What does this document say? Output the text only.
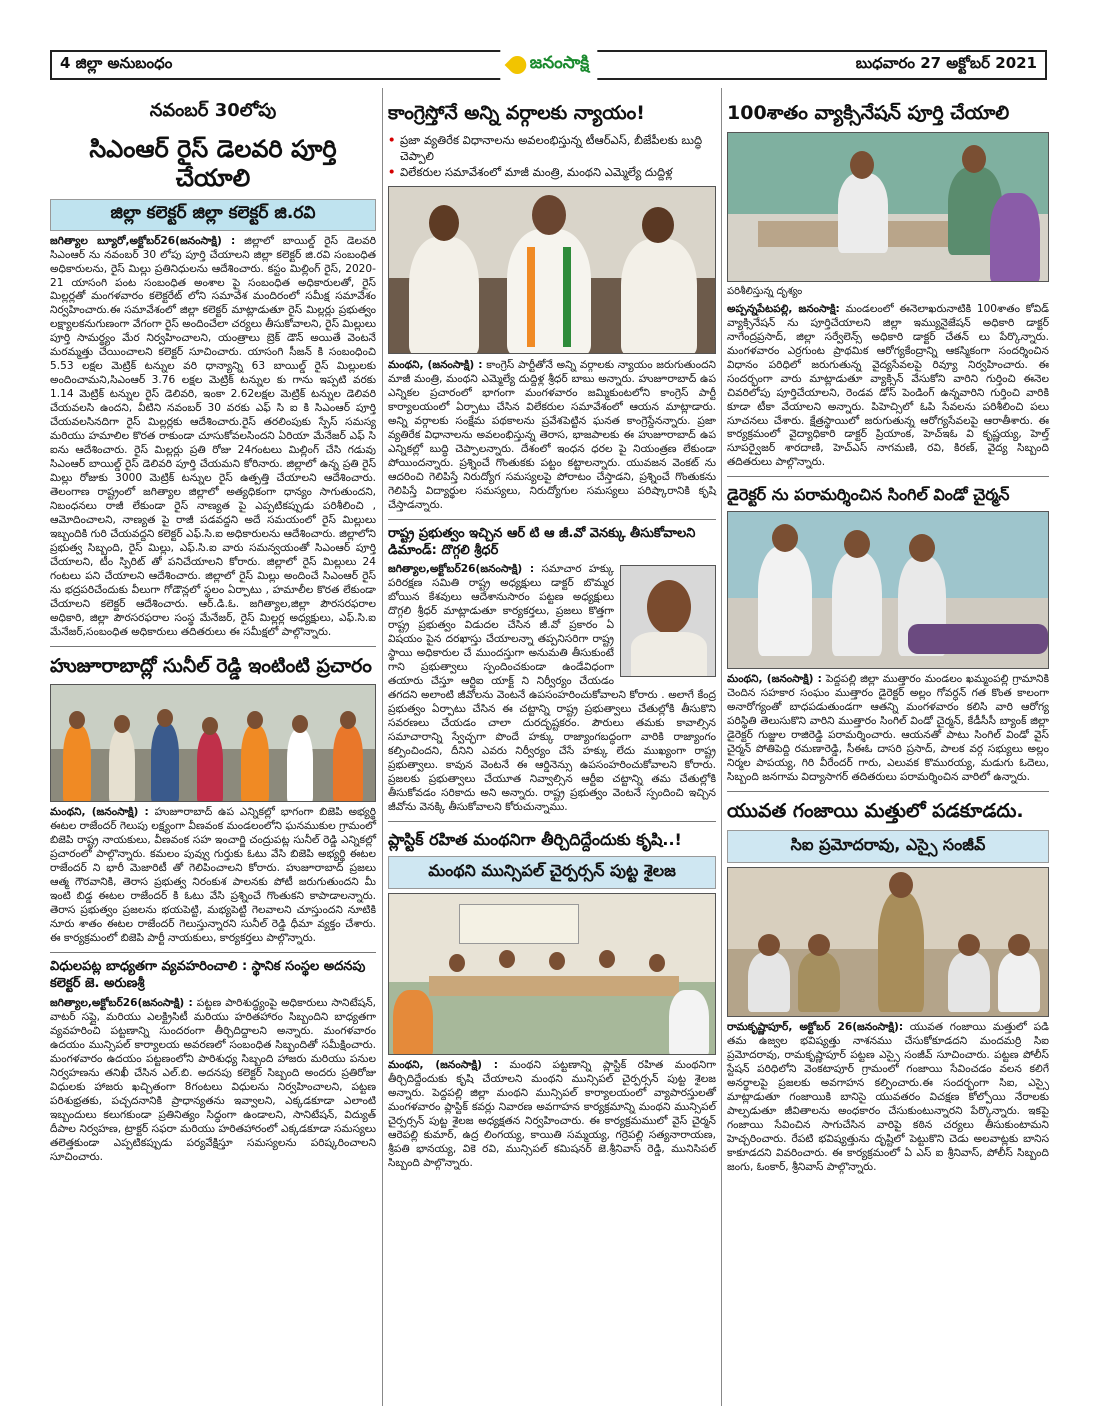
4 జిల్లా అనుబంధం	జనంసాక్షి	బుధవారం 27 అక్టోబర్ 2021
నవంబర్ 30లోపు
సిఎంఆర్ రైస్ డెలవరి పూర్తి చేయాలి
జిల్లా కలెక్టర్ జిల్లా కలెక్టర్ జి.రవి
జగిత్యాల బ్యూరో,అక్టోబర్26(జనంసాక్షి) : జిల్లాలో బాయిల్డ్ రైస్ డెలవరి సిఎంఆర్ ను నవంబర్ 30 లోపు పూర్తి చేయాలని జిల్లా కలెక్టర్ జి.రవి సంబంధిత అధికారులను, రైస్ మిల్లు ప్రతినిధులను ఆదేశించారు. కస్టం మిల్లింగ్ రైస్, 2020-21 యాసంగి పంట సంబంధిత అంశాల పై సంబంధిత అధికారులతో, రైస్ మిల్లర్లతో మంగళవారం కలెక్టరేట్ లోని సమావేశ మందిరంలో సమీక్ష సమావేశం నిర్వహించారు.ఈ సమావేశంలో జిల్లా కలెక్టర్ మాట్లాడుతూ రైస్ మిల్లర్లు ప్రభుత్వం లక్ష్యాలకనుగుణంగా వేగంగా రైస్ అందించేలా చర్యలు తీసుకోవాలని, రైస్ మిల్లులు పూర్తి సామర్థ్యం మేర నిర్వహించాలని, యంత్రాలు బ్రెక్ డౌన్ అయితే వెంటనే మరమ్మత్తు చేయించాలని కలెక్టర్ సూచించారు. యాసంగి సీజన్ కి సంబంధించి 5.53 లక్షల మెట్రిక్ టన్నుల వరి ధాన్యాన్ని 63 బాయిల్డ్ రైస్ మిల్లులకు అందించామని,సిఎంఆర్ 3.76 లక్షల మెట్రిక్ టన్నుల కు గాను ఇప్పటి వరకు 1.14 మెట్రిక్ టన్నుల రైస్ డెలివరి, ఇంకా 2.62లక్షల మెట్రిక్ టన్నుల డెలివరి చేయవలసి ఉందని, వీటిని నవంబర్ 30 వరకు ఎఫ్ సి ఐ కి సిఎంఆర్ పూర్తి చేయవలసినదిగా రైస్ మిల్లర్లకు ఆదేశించారు.రైస్ తరలింపుకు స్పేస్ సమస్య మరియు హమాలిల కొరత రాకుండా చూసుకోవలసిందని ఏరియా మేనేజర్ ఎఫ్ సి ఐను ఆదేశించారు. రైస్ మిల్లర్లు ప్రతి రోజు 24గంటలు మిల్లింగ్ చేసి గడువు సిఎంఆర్ బాయిల్డ్ రైస్ డెలివరి పూర్తి చేయమని కోరినారు. జిల్లాలో ఉన్న ప్రతి రైస్ మిల్లు రోజుకు 3000 మెట్రిక్ టన్నుల రైస్ ఉత్పత్తి చేయాలని ఆదేశించారు. తెలంగాణ రాష్ట్రంలో జగిత్యాల జిల్లాలో అత్యధికంగా ధాన్యం సాగుతుందని, నిబంధనలు రాజీ లేకుండా రైస్ నాణ్యత పై ఎప్పటికప్పుడు పరిశీలించి , ఆమోదించాలని, నాణ్యత పై రాజీ పడవద్దని అదే సమయంలో రైస్ మిల్లులు ఇబ్బందికి గురి చేయవద్దని కలెక్టర్ ఎఫ్.సి.ఐ అధికారులను ఆదేశించారు. జిల్లాలోని ప్రభుత్వ సిబ్బంది, రైస్ మిల్లు, ఎఫ్.సి.ఐ వారు సమన్వయంతో సిఎంఆర్ పూర్తి చేయాలని, టీం స్పిరిట్ తో పనిచేయాలని కోరారు. జిల్లాలో రైస్ మిల్లులు 24 గంటలు పని చేయాలని ఆదేశించారు. జిల్లాలో రైస్ మిల్లు అందించే సిఎంఆర్ రైస్ ను భద్రపరిచేందుకు వీలుగా గోడౌన్లలో స్థలం ఏర్పాటు , హమాలీల కొరత లేకుండా చేయాలని కలెక్టర్ ఆదేశించారు. ఆర్.డి.ఓ. జగిత్యాల,జిల్లా పౌరసరఫరాల అధికారి, జిల్లా పౌరసరఫరాల సంస్థ మేనేజర్, రైస్ మిల్లర్ల అధ్యక్షులు, ఎఫ్.సి.ఐ మేనేజర్,సంబంధిత అధికారులు తదితరులు ఈ సమీక్షలో పాల్గొన్నారు.
హుజూరాబాద్లో సునీల్ రెడ్డి ఇంటింటి ప్రచారం
మంథని, (జనంసాక్షి) : హుజూరాబాద్ ఉప ఎన్నికల్లో భాగంగా బిజెపి అభ్యర్థి ఈటల రాజేందర్ గెలుపు లక్ష్యంగా వీణవంక మండలంలోని ఘనముకుల గ్రామంలో బిజెపి రాష్ట్ర నాయకులు, వీణవంక సహ ఇంచార్జి చంద్రుపట్ల సునీల్ రెడ్డి ఎన్నికల్లో ప్రచారంలో పాల్గొన్నారు. కమలం పువ్వు గుర్తుకు ఓటు వేసి బిజెపి అభ్యర్థి ఈటల రాజేందర్ ని భారీ మెజారిటీ తో గెలిపించాలని కోరారు. హుజూరాబాద్ ప్రజలు ఆత్మ గౌరవానికి, తెరాస ప్రభుత్వ నిరంకుశ పాలనకు పోటీ జరుగుతుందని మీ ఇంటి బిడ్డ ఈటల రాజేందర్ కి ఓటు వేసి ప్రశ్నించే గొంతుకని కాపాడాలన్నారు. తెరాస ప్రభుత్వం ప్రజలను భయపెట్టి, మభ్యపెట్టి గెలవాలని చూస్తుందని నూటికి నూరు శాతం ఈటల రాజేందర్ గెలుస్తున్నారని సునీల్ రెడ్డి ధీమా వ్యక్తం చేశారు. ఈ కార్యక్రమంలో బిజెపి పార్టీ నాయకులు, కార్యకర్తలు పాల్గొన్నారు.
విధులపట్ల బాధ్యతగా వ్యవహరించాలి : స్థానిక సంస్థల అదనపు కలెక్టర్ జె. అరుణశ్రీ
జగిత్యాల,అక్టోబర్26(జనంసాక్షి) : పట్టణ పారిశుద్ధ్యంపై అధికారులు సానిటేషన్, వాటర్ సప్లై, మరియు ఎలక్ట్రిసిటీ మరియు హరితహారం సిబ్బందిని బాధ్యతగా వ్యవహరించి పట్టణాన్ని సుందరంగా తీర్చిదిద్దాలని అన్నారు. మంగళవారం ఉదయం మున్సిపల్ కార్యాలయ అవరణలో సంబంధిత సిబ్బందితో సమీక్షించారు. మంగళవారం ఉదయం పట్టణంలోని పారిశుధ్య సిబ్బంది హాజరు మరియు పనుల నిర్వహణను తనిఖీ చేసిన ఎల్.బి. అదనపు కలెక్టర్ సిబ్బంది అందరు ప్రతిరోజు విధులకు హాజరు ఖచ్చితంగా 8గంటలు విధులను నిర్వహించాలని, పట్టణ పరిశుభ్రతకు, పచ్చదనానికి ప్రాధాన్యతను ఇవ్వాలని, ఎక్కడకూడా ఎలాంటి ఇబ్బందులు కలుగకుండా ప్రతినిత్యం సిద్ధంగా ఉండాలని, సానిటేషన్, విద్యుత్ దీపాల నిర్వహణ, ట్రాక్టర్ సఫరా మరియు హరితహారంలో ఎక్కడకూడా సమస్యలు తలెత్తకుండా ఎప్పటికప్పుడు పర్యవేక్షిస్తూ సమస్యలను పరిష్కరించాలని సూచించారు.
కాంగ్రెస్తోనే అన్ని వర్గాలకు న్యాయం!
• ప్రజా వ్యతిరేక విధానాలను అవలంభిస్తున్న టీఆర్ఎస్, బీజేపీలకు బుద్ధి చెప్పాలి
• విలేకరుల సమావేశంలో మాజీ మంత్రి, మంథని ఎమ్మెల్యే దుద్దిళ్ల
మంథని, (జనంసాక్షి) : కాంగ్రెస్ పార్టీతోనే అన్ని వర్గాలకు న్యాయం జరుగుతుందని మాజీ మంత్రి, మంథని ఎమ్మెల్యే దుద్దిళ్ల శ్రీధర్ బాబు అన్నారు. హుజూరాబాద్ ఉప ఎన్నికల ప్రచారంలో భాగంగా మంగళవారం జమ్మికుంటలోని కాంగ్రెస్ పార్టీ కార్యాలయంలో ఏర్పాటు చేసిన విలేకరుల సమావేశంలో ఆయన మాట్లాడారు. అన్ని వర్గాలకు సంక్షేమ పథకాలను ప్రవేశపెట్టిన ఘనత కాంగ్రెస్దేనన్నారు. ప్రజా వ్యతిరేక విధానాలను అవలంభిస్తున్న తెరాస, భాజపాలకు ఈ హుజూరాబాద్ ఉప ఎన్నికల్లో బుద్ధి చెప్పాలన్నారు. దేశంలో ఇంధన ధరల పై నియంత్రణ లేకుండా పోయిందన్నారు. ప్రశ్నించే గొంతుకకు పట్టం కట్టాలన్నారు. యువజన వెంకట్ ను ఆదరించి గెలిపిస్తే నిరుద్యోగ సమస్యలపై పోరాటం చేస్తాడని, ప్రశ్నించే గొంతుకను గెలిపిస్తే విద్యార్థుల సమస్యలు, నిరుద్యోగుల సమస్యలు పరిష్కారానికి కృషి చేస్తాడన్నారు.
రాష్ట్ర ప్రభుత్వం ఇచ్చిన ఆర్ టి ఆ జీ.వో వెనక్కు తీసుకోవాలని డిమాండ్: దొగ్గలి శ్రీధర్
జగిత్యాల,అక్టోబర్26(జనంసాక్షి) : సమాచార హక్కు పరిరక్షణ సమితి రాష్ట్ర అధ్యక్షులు డాక్టర్ బొమ్మర బోయిన కేశవులు ఆదేశానుసారం పట్టణ అధ్యక్షులు దొగ్గలి శ్రీధర్ మాట్లాడుతూ కార్యకర్తలు, ప్రజలు కొత్తగా రాష్ట్ర ప్రభుత్వం విడుదల చేసిన జీ.వో ప్రకారం ఏ విషయం పైన దరఖాస్తు చేయాలన్నా తప్పనిసరిగా రాష్ట్ర స్థాయి అధికారుల చే ముందస్తుగా అనుమతి తీసుకుంటే గాని ప్రభుత్వాలు స్పందించకుండా ఉండేవిధంగా తయారు చేస్తూ ఆర్టిఐ యాక్ట్ ని నిర్వీర్యం చేయడం తగదని అలాంటి జీవోలను వెంటనే ఉపసంహరించుకోవాలని కోరారు . అలాగే కేంద్ర ప్రభుత్వం ఏర్పాటు చేసిన ఈ చట్టాన్ని రాష్ట్ర ప్రభుత్వాలు చేతుల్లోకి తీసుకొని సవరణలు చేయడం చాలా దురదృష్టకరం. పౌరులు తమకు కావాల్సిన సమాచారాన్ని స్వేచ్ఛగా పొందే హక్కు రాజ్యాంగబద్ధంగా వారికి రాజ్యాంగం కల్పించిందని, దీనిని ఎవరు నిర్వీర్యం చేసే హక్కు లేదు ముఖ్యంగా రాష్ట్ర ప్రభుత్వాలు. కావున వెంటనే ఈ ఆర్డినెన్సు ఉపసంహరించుకోవాలని కోరారు. ప్రజలకు ప్రభుత్వాలు చేయూత నివ్వాల్సిన ఆర్టీఐ చట్టాన్ని తమ చేతుల్లోకి తీసుకోవడం సరికాదు అని అన్నారు. రాష్ట్ర ప్రభుత్వం వెంటనే స్పందించి ఇచ్చిన జీవోను వెనక్కి తీసుకోవాలని కోరుచున్నాము.
ప్లాస్టిక్ రహిత మంథనిగా తీర్చిదిద్దేందుకు కృషి..!
మంథని మున్సిపల్ చైర్పర్సన్ పుట్ట శైలజ
మంథని, (జనంసాక్షి) : మంథని పట్టణాన్ని ప్లాస్టిక్ రహిత మంథనిగా తీర్చిదిద్దేందుకు కృషి చేయాలని మంథని మున్సిపల్ చైర్పర్సన్ పుట్ట శైలజ అన్నారు. పెద్దపల్లి జిల్లా మంథని మున్సిపల్ కార్యాలయంలో వ్యాపారస్తులతో మంగళవారం ప్లాస్టిక్ కవర్లు నివారణ అవగాహన కార్యక్రమాన్ని మంథని మున్సిపల్ చైర్పర్సన్ పుట్ట శైలజ అధ్యక్షతన నిర్వహించారు. ఈ కార్యక్రమములో వైస్ చైర్మన్ ఆరెపల్లి కుమార్, ఉద్ర లింగయ్య, కాయితి సమ్మయ్య, గర్రెపల్లి సత్యనారాయణ, శ్రీపతి భానయ్య, వికె రవి, మున్సిపల్ కమిషనర్ జె.శ్రీనివాస్ రెడ్డి, మునిసిపల్ సిబ్బంది పాల్గొన్నారు.
100శాతం వ్యాక్సినేషన్ పూర్తి చేయాలి
పరిశీలిస్తున్న దృశ్యం
అప్పన్నపేటపల్లి, జనంసాక్షి: మండలంలో ఈనెలాఖరునాటికి 100శాతం కోవిడ్ వ్యాక్సినేషన్ ను పూర్తిచేయాలని జిల్లా ఇమ్యునైజేషన్ అధికారి డాక్టర్ నాగేంద్రప్రసాద్, జిల్లా సర్వేలెన్స్ అధికారి డాక్టర్ చేతన్ లు పేర్కొన్నారు. మంగళవారం ఎర్రగుంట ప్రాథమిక ఆరోగ్యకేంద్రాన్ని ఆకస్మికంగా సందర్శించిన విధానం పరిధిలో జరుగుతున్న వైద్యసేవలపై రివ్యూ నిర్వహించారు. ఈ సందర్భంగా వారు మాట్లాడుతూ వ్యాక్సిన్ వేసుకోని వారిని గుర్తించి ఈనెల చివరిలోపు పూర్తిచేయాలని, రెండవ డోస్ పెండింగ్ ఉన్నవారిని గుర్తించి వారికి కూడా టీకా వేయాలని అన్నారు. పిహెచ్సిలో ఓపి సేవలను పరిశీలించి పలు సూచనలు చేశారు. క్షేత్రస్థాయిలో జరుగుతున్న ఆరోగ్యసేవలపై ఆరాతీశారు. ఈ కార్యక్రమంలో వైద్యాధికారి డాక్టర్ ప్రియాంక, హెచ్ఇఓ వి కృష్ణయ్య, హెల్త్ సూపర్వైజర్ శారదాణి, హెచ్ఎస్ నాగమణి, రవి, కిరణ్, వైద్య సిబ్బంది తదితరులు పాల్గొన్నారు.
డైరెక్టర్ ను పరామర్శించిన సింగిల్ విండో చైర్మన్
మంథని, (జనంసాక్షి) : పెద్దపల్లి జిల్లా ముత్తారం మండలం ఖమ్మంపల్లి గ్రామానికి చెందిన సహకార సంఘం ముత్తారం డైరెక్టర్ అల్లం గోవర్ధన్ గత కొంత కాలంగా అనారోగ్యంతో బాధపడుతుండగా ఆతన్ని మంగళవారం కలిసి వారి ఆరోగ్య పరిస్థితి తెలుసుకొని వారిని ముత్తారం సింగిల్ విండో చైర్మన్, కేడీసీసీ బ్యాంక్ జిల్లా డైరెక్టర్ గుజ్జుల రాజిరెడ్డి పరామర్శించారు. ఆయనతో పాటు సింగిల్ విండో వైస్ చైర్మన్ పోతిపెద్ది రమణారెడ్డి, సీఈఓ దాసరి ప్రసాద్, పాలక వర్గ సభ్యులు అల్లం నిర్మల పాపయ్య, గిరి వీరేందర్ గారు, ఎలువక కొమురయ్య, మడుగు ఓదెలు, సిబ్బంది జనగామ విద్యాసాగర్ తదితరులు పరామర్శించిన వారిలో ఉన్నారు.
యువత గంజాయి మత్తులో పడకూడదు.
సిఐ ప్రమోదరావు, ఎస్సై సంజీవ్
రామకృష్ణాపూర్, అక్టోబర్ 26(జనంసాక్షి): యువత గంజాయి మత్తులో పడి తమ ఉజ్వల భవిష్యత్తు నాశనము చేసుకోకూడదని మందమర్రి సిఐ ప్రమోదరావు, రామకృష్ణాపూర్ పట్టణ ఎస్సై సంజీవ్ సూచించారు. పట్టణ పోలీస్ స్టేషన్ పరిధిలోని వెంకటాపూర్ గ్రామంలో గంజాయి సేవించడం వలన కలిగే అనర్థాలపై ప్రజలకు అవగాహన కల్పించారు.ఈ సందర్భంగా సిఐ, ఎస్సై మాట్లాడుతూ గంజాయికి బానిసై యువతరం విచక్షణ కోల్పోయి నేరాలకు పాల్పడుతూ జీవితాలను అంధకారం చేసుకుంటున్నారని పేర్కొన్నారు. ఇకపై గంజాయి సేవించిన సాగుచేసిన వారిపై కఠిన చర్యలు తీసుకుంటామని హెచ్చరించారు. రేపటి భవిష్యత్తును దృష్టిలో పెట్టుకొని చెడు అలవాట్లకు బానిస కాకూడదని వివరించారు. ఈ కార్యక్రమంలో ఏ ఎస్ ఐ శ్రీనివాస్, పోలీస్ సిబ్బంది జంగు, ఓంకార్, శ్రీనివాస్ పాల్గొన్నారు.
